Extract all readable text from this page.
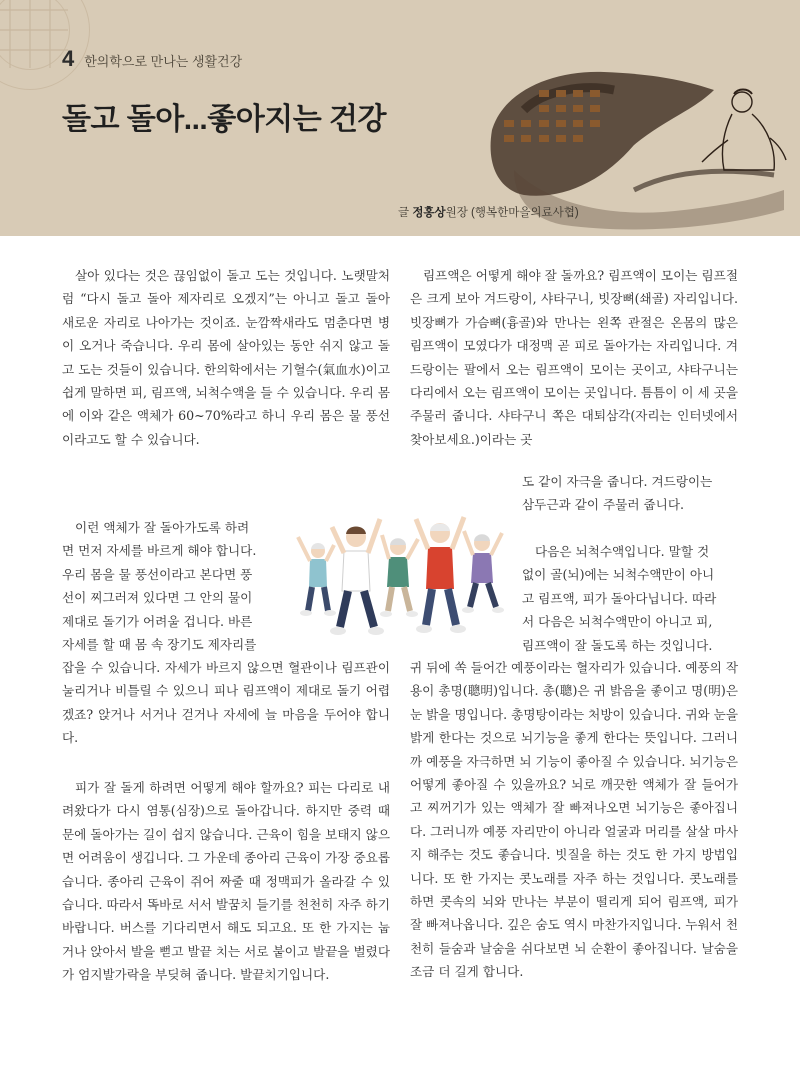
4 한의학으로 만나는 생활건강
돌고 돌아...좋아지는 건강
글 정홍상원장 (행복한마을의료사협)

살아 있다는 것은 끊임없이 돌고 도는 것입니다. 노랫말처럼 “다시 돌고 돌아 제자리로 오겠지”는 아니고 돌고 돌아 새로운 자리로 나아가는 것이죠. 눈깜짝새라도 멈춘다면 병이 오거나 죽습니다. 우리 몸에 살아있는 동안 쉬지 않고 돌고 도는 것들이 있습니다. 한의학에서는 기혈수(氣血水)이고 쉽게 말하면 피, 림프액, 뇌척수액을 들 수 있습니다. 우리 몸에 이와 같은 액체가 60~70%라고 하니 우리 몸은 물 풍선이라고도 할 수 있습니다.

이런 액체가 잘 돌아가도록 하려
면 먼저 자세를 바르게 해야 합니다.
우리 몸을 물 풍선이라고 본다면 풍
선이 찌그러져 있다면 그 안의 물이
제대로 돌기가 어려울 겁니다. 바른
자세를 할 때 몸 속 장기도 제자리를

잡을 수 있습니다. 자세가 바르지 않으면 혈관이나 림프관이 눌리거나 비틀릴 수 있으니 피나 림프액이 제대로 돌기 어렵겠죠? 앉거나 서거나 걷거나 자세에 늘 마음을 두어야 합니다.

피가 잘 돌게 하려면 어떻게 해야 할까요? 피는 다리로 내려왔다가 다시 염통(심장)으로 돌아갑니다. 하지만 중력 때문에 돌아가는 길이 쉽지 않습니다. 근육이 힘을 보태지 않으면 어려움이 생깁니다. 그 가운데 종아리 근육이 가장 중요롭습니다. 종아리 근육이 쥐어 짜줄 때 정맥피가 올라갈 수 있습니다. 따라서 똑바로 서서 발꿈치 들기를 천천히 자주 하기 바랍니다. 버스를 기다리면서 해도 되고요. 또 한 가지는 눕거나 앉아서 발을 뻗고 발끝 치는 서로 붙이고 발끝을 벌렸다가 엄지발가락을 부딪혀 줍니다. 발끝치기입니다.

림프액은 어떻게 해야 잘 돌까요? 림프액이 모이는 림프절은 크게 보아 겨드랑이, 샤타구니, 빗장뼈(쇄골) 자리입니다. 빗장뼈가 가슴뼈(흉골)와 만나는 왼쪽 관절은 온몸의 많은 림프액이 모였다가 대정맥 곧 피로 돌아가는 자리입니다. 겨드랑이는 팔에서 오는 림프액이 모이는 곳이고, 샤타구니는 다리에서 오는 림프액이 모이는 곳입니다. 틈틈이 이 세 곳을 주물러 줍니다. 샤타구니 쪽은 대퇴삼각(자리는 인터넷에서 찾아보세요.)이라는 곳

도 같이 자극을 줍니다. 겨드랑이는
삼두근과 같이 주물러 줍니다.
다음은 뇌척수액입니다. 말할 것
없이 골(뇌)에는 뇌척수액만이 아니
고 림프액, 피가 돌아다닙니다. 따라
서 다음은 뇌척수액만이 아니고 피,
림프액이 잘 돌도록 하는 것입니다.

귀 뒤에 쏙 들어간 예풍이라는 혈자리가 있습니다. 예풍의 작용이 총명(聰明)입니다. 총(聰)은 귀 밝음을 좋이고 명(明)은 눈 밝을 명입니다. 총명탕이라는 처방이 있습니다. 귀와 눈을 밝게 한다는 것으로 뇌기능을 좋게 한다는 뜻입니다. 그러니까 예풍을 자극하면 뇌 기능이 좋아질 수 있습니다. 뇌기능은 어떻게 좋아질 수 있을까요? 뇌로 깨끗한 액체가 잘 들어가고 찌꺼기가 있는 액체가 잘 빠져나오면 뇌기능은 좋아집니다. 그러니까 예풍 자리만이 아니라 얼굴과 머리를 살살 마사지 해주는 것도 좋습니다. 빗질을 하는 것도 한 가지 방법입니다. 또 한 가지는 콧노래를 자주 하는 것입니다. 콧노래를 하면 콧속의 뇌와 만나는 부분이 떨리게 되어 림프액, 피가 잘 빠져나옵니다. 깊은 숨도 역시 마찬가지입니다. 누워서 천천히 들숨과 날숨을 쉬다보면 뇌 순환이 좋아집니다. 날숨을 조금 더 길게 합니다.
